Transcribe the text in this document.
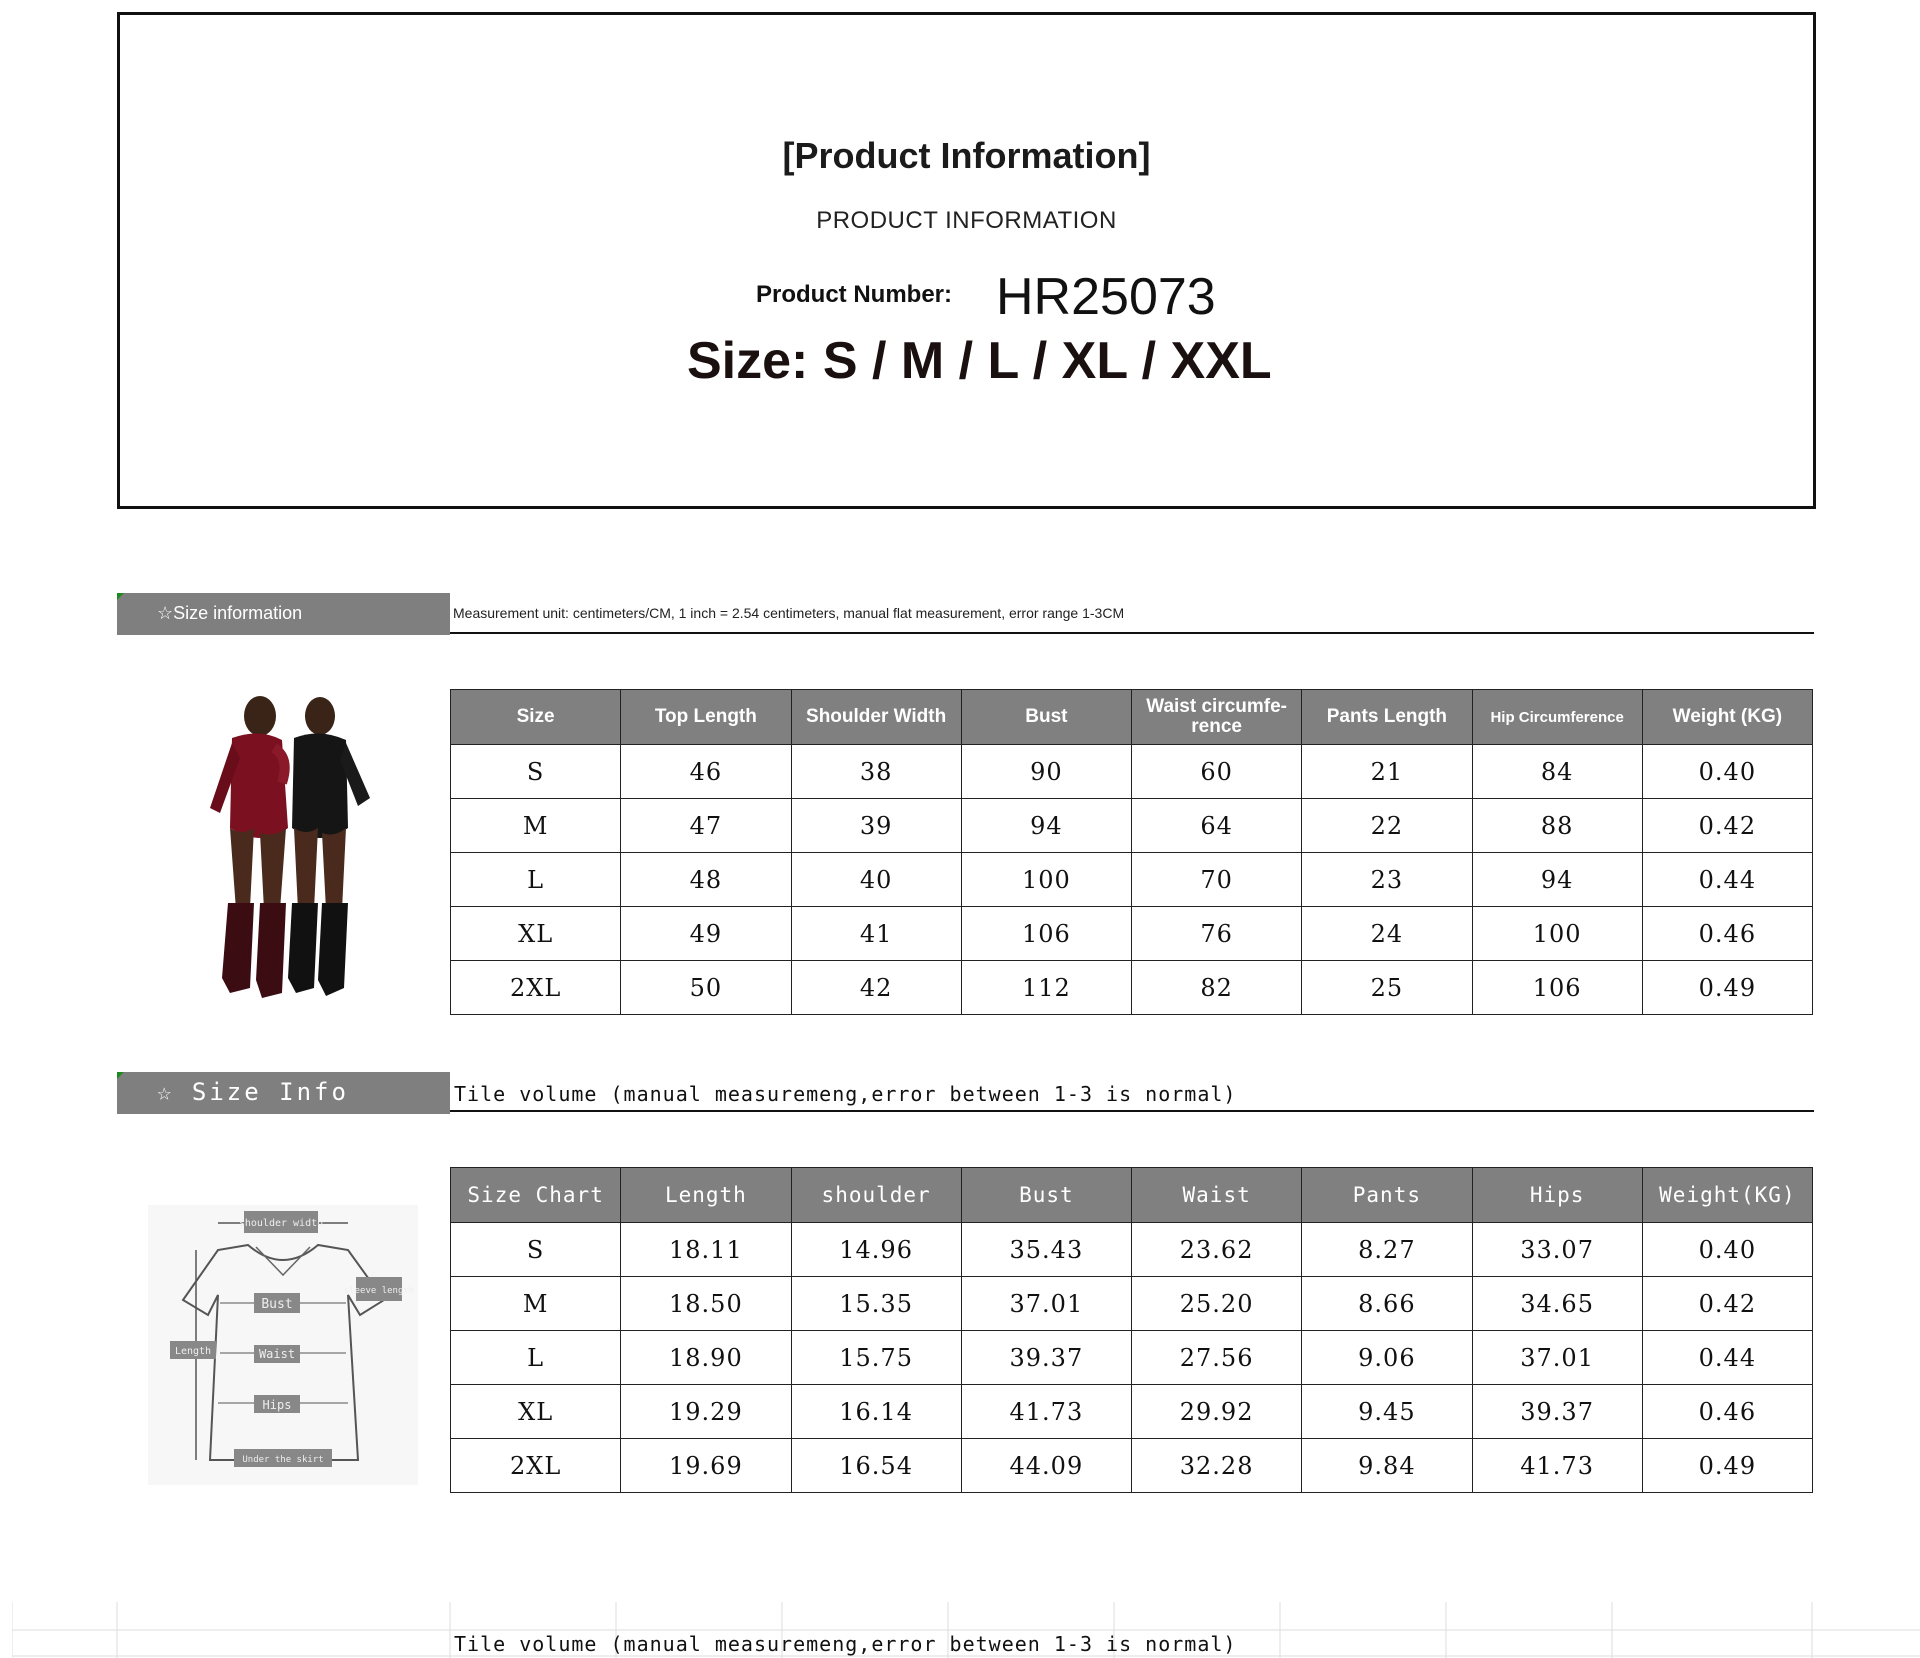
[Product Information]
PRODUCT INFORMATION
Product Number: HR25073
Size: S / M / L / XL / XXL
☆Size information	Measurement unit: centimeters/CM, 1 inch = 2.54 centimeters, manual flat measurement, error range 1-3CM
Size	Top Length	Shoulder Width	Bust	Waist circumfe-rence	Pants Length	Hip Circumference	Weight (KG)
S	46	38	90	60	21	84	0.40
M	47	39	94	64	22	88	0.42
L	48	40	100	70	23	94	0.44
XL	49	41	106	76	24	100	0.46
2XL	50	42	112	82	25	106	0.49
☆ Size Info	Tile volume (manual measuremeng,error between 1-3 is normal)
shoulder width
sleeve length
Bust
Length	Waist
Hips
Under the skirt
Size Chart	Length	shoulder	Bust	Waist	Pants	Hips	Weight(KG)
S	18.11	14.96	35.43	23.62	8.27	33.07	0.40
M	18.50	15.35	37.01	25.20	8.66	34.65	0.42
L	18.90	15.75	39.37	27.56	9.06	37.01	0.44
XL	19.29	16.14	41.73	29.92	9.45	39.37	0.46
2XL	19.69	16.54	44.09	32.28	9.84	41.73	0.49
Tile volume (manual measuremeng,error between 1-3 is normal)
